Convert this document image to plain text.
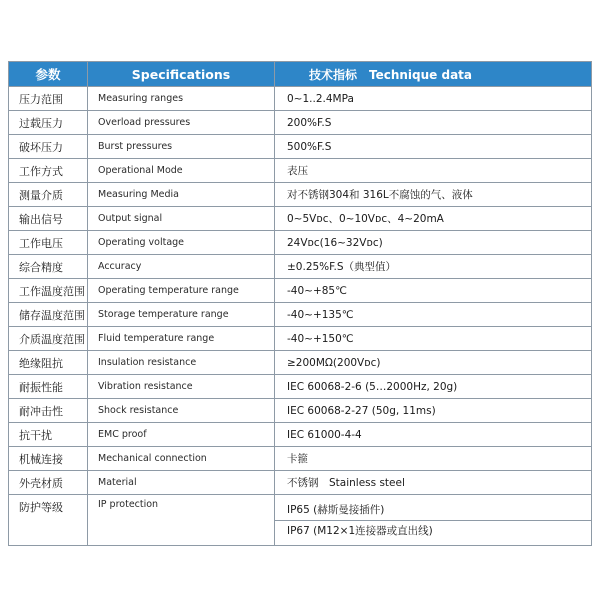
参数	Specifications	技术指标　Technique data
压力范围	Measuring ranges	0~1..2.4MPa
过载压力	Overload pressures	200%F.S
破坏压力	Burst pressures	500%F.S
工作方式	Operational Mode	表压
测量介质	Measuring Media	对不锈钢304和 316L不腐蚀的气、液体
输出信号	Output signal	0~5Vᴅᴄ、0~10Vᴅᴄ、4~20mA
工作电压	Operating voltage	24Vᴅᴄ(16~32Vᴅᴄ)
综合精度	Accuracy	±0.25%F.S（典型值）
工作温度范围	Operating temperature range	-40~+85℃
储存温度范围	Storage temperature range	-40~+135℃
介质温度范围	Fluid temperature range	-40~+150℃
绝缘阻抗	Insulation resistance	≥200MΩ(200Vᴅᴄ)
耐振性能	Vibration resistance	IEC 60068-2-6 (5…2000Hz, 20g)
耐冲击性	Shock resistance	IEC 60068-2-27 (50g, 11ms)
抗干扰	EMC proof	IEC 61000-4-4
机械连接	Mechanical connection	卡箍
外壳材质	Material	不锈钢　Stainless steel
防护等级	IP protection	IP65 (赫斯曼接插件)
IP67 (M12×1连接器或直出线)
